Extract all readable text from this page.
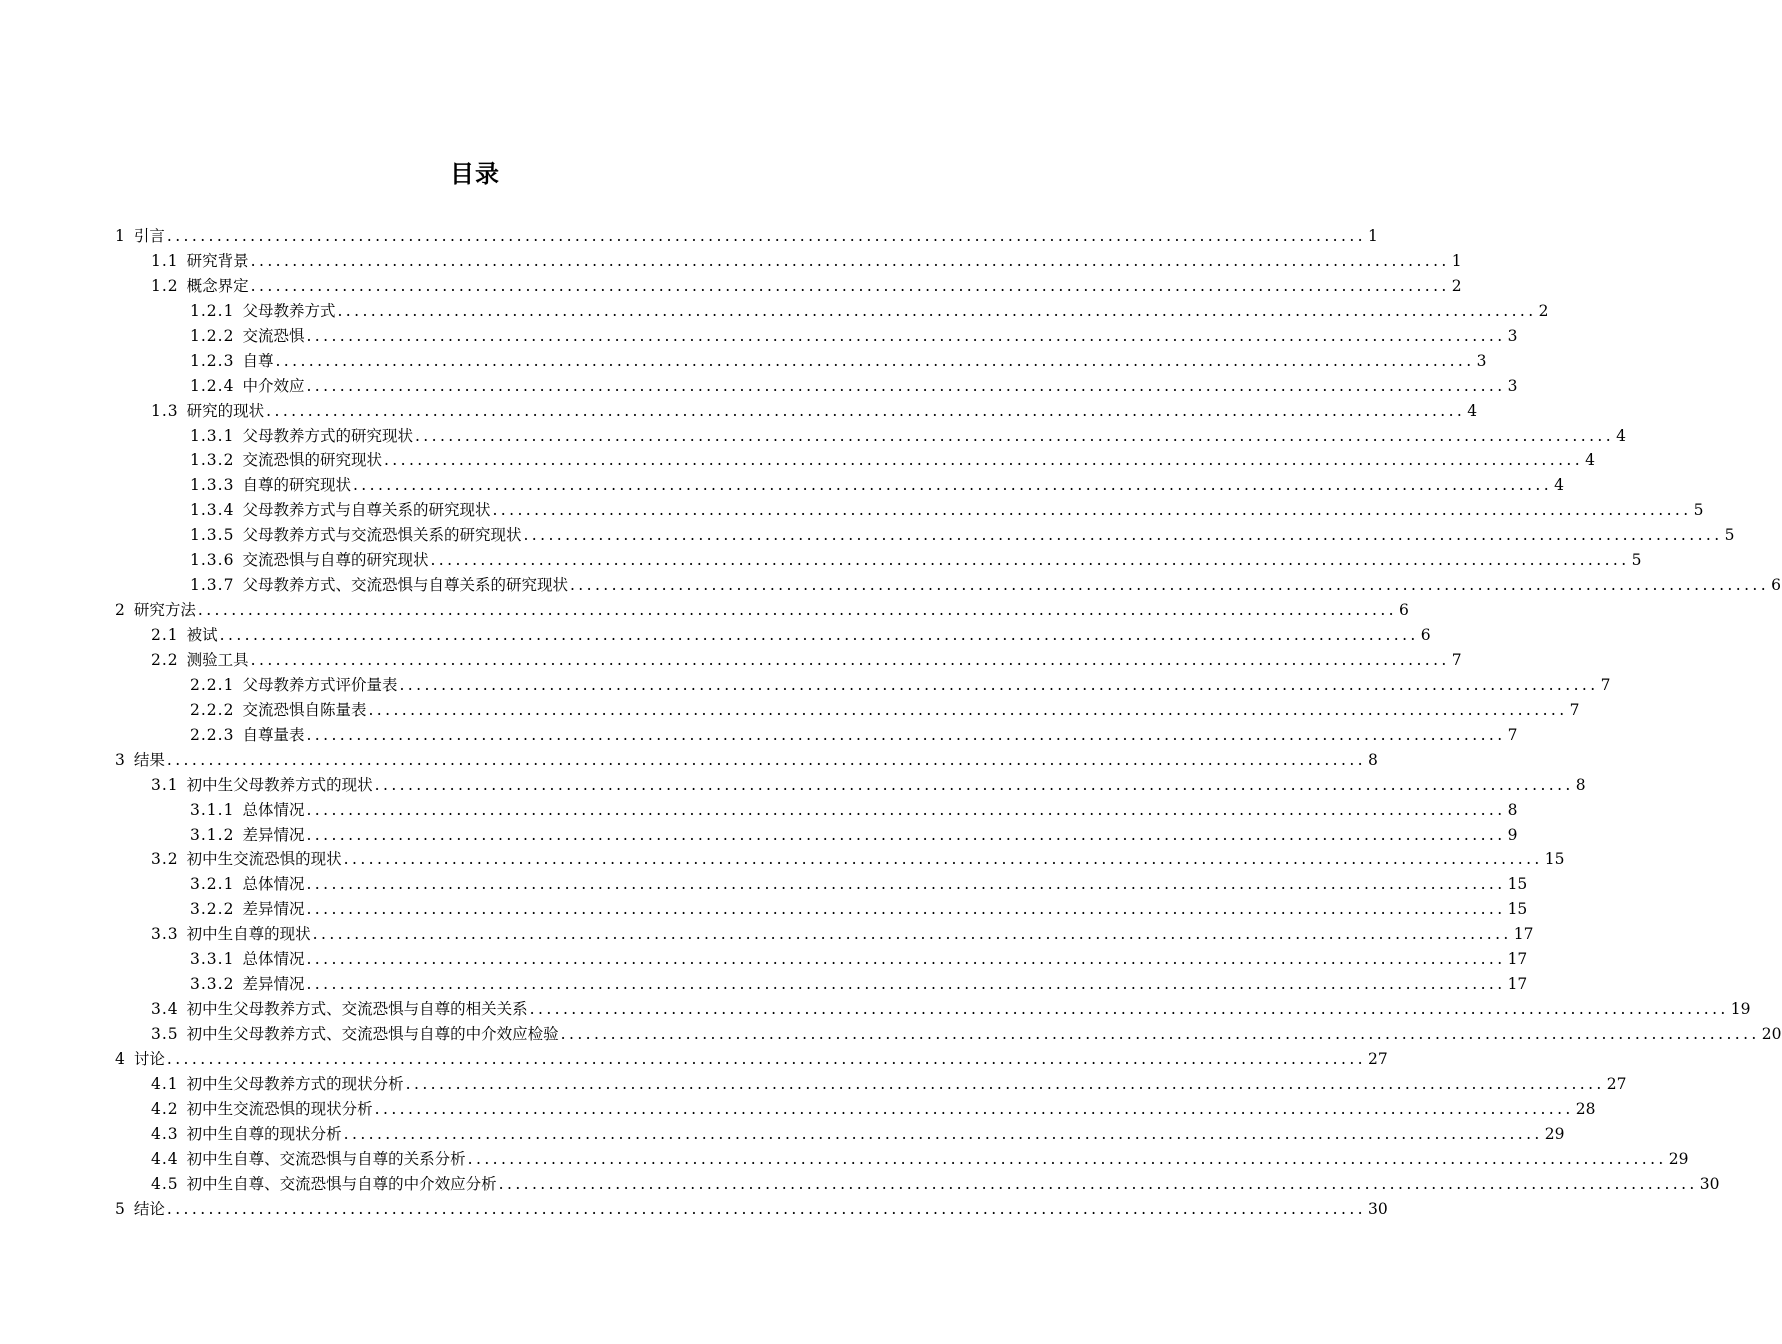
目录
1 引言 ................................................................................................................................................ 1
1.1 研究背景 ................................................................................................................................................ 1
1.2 概念界定 ................................................................................................................................................ 2
1.2.1 父母教养方式 ................................................................................................................................................ 2
1.2.2 交流恐惧 ................................................................................................................................................ 3
1.2.3 自尊 ................................................................................................................................................ 3
1.2.4 中介效应 ................................................................................................................................................ 3
1.3 研究的现状 ................................................................................................................................................ 4
1.3.1 父母教养方式的研究现状 ................................................................................................................................................ 4
1.3.2 交流恐惧的研究现状 ................................................................................................................................................ 4
1.3.3 自尊的研究现状 ................................................................................................................................................ 4
1.3.4 父母教养方式与自尊关系的研究现状 ................................................................................................................................................ 5
1.3.5 父母教养方式与交流恐惧关系的研究现状 ................................................................................................................................................ 5
1.3.6 交流恐惧与自尊的研究现状 ................................................................................................................................................ 5
1.3.7 父母教养方式、交流恐惧与自尊关系的研究现状 ................................................................................................................................................ 6
2 研究方法 ................................................................................................................................................ 6
2.1 被试 ................................................................................................................................................ 6
2.2 测验工具 ................................................................................................................................................ 7
2.2.1 父母教养方式评价量表 ................................................................................................................................................ 7
2.2.2 交流恐惧自陈量表 ................................................................................................................................................ 7
2.2.3 自尊量表 ................................................................................................................................................ 7
3 结果 ................................................................................................................................................ 8
3.1 初中生父母教养方式的现状 ................................................................................................................................................ 8
3.1.1 总体情况 ................................................................................................................................................ 8
3.1.2 差异情况 ................................................................................................................................................ 9
3.2 初中生交流恐惧的现状 ................................................................................................................................................ 15
3.2.1 总体情况 ................................................................................................................................................ 15
3.2.2 差异情况 ................................................................................................................................................ 15
3.3 初中生自尊的现状 ................................................................................................................................................ 17
3.3.1 总体情况 ................................................................................................................................................ 17
3.3.2 差异情况 ................................................................................................................................................ 17
3.4 初中生父母教养方式、交流恐惧与自尊的相关关系 ................................................................................................................................................ 19
3.5 初中生父母教养方式、交流恐惧与自尊的中介效应检验 ................................................................................................................................................ 20
4 讨论 ................................................................................................................................................ 27
4.1 初中生父母教养方式的现状分析 ................................................................................................................................................ 27
4.2 初中生交流恐惧的现状分析 ................................................................................................................................................ 28
4.3 初中生自尊的现状分析 ................................................................................................................................................ 29
4.4 初中生自尊、交流恐惧与自尊的关系分析 ................................................................................................................................................ 29
4.5 初中生自尊、交流恐惧与自尊的中介效应分析 ................................................................................................................................................ 30
5 结论 ................................................................................................................................................ 30
